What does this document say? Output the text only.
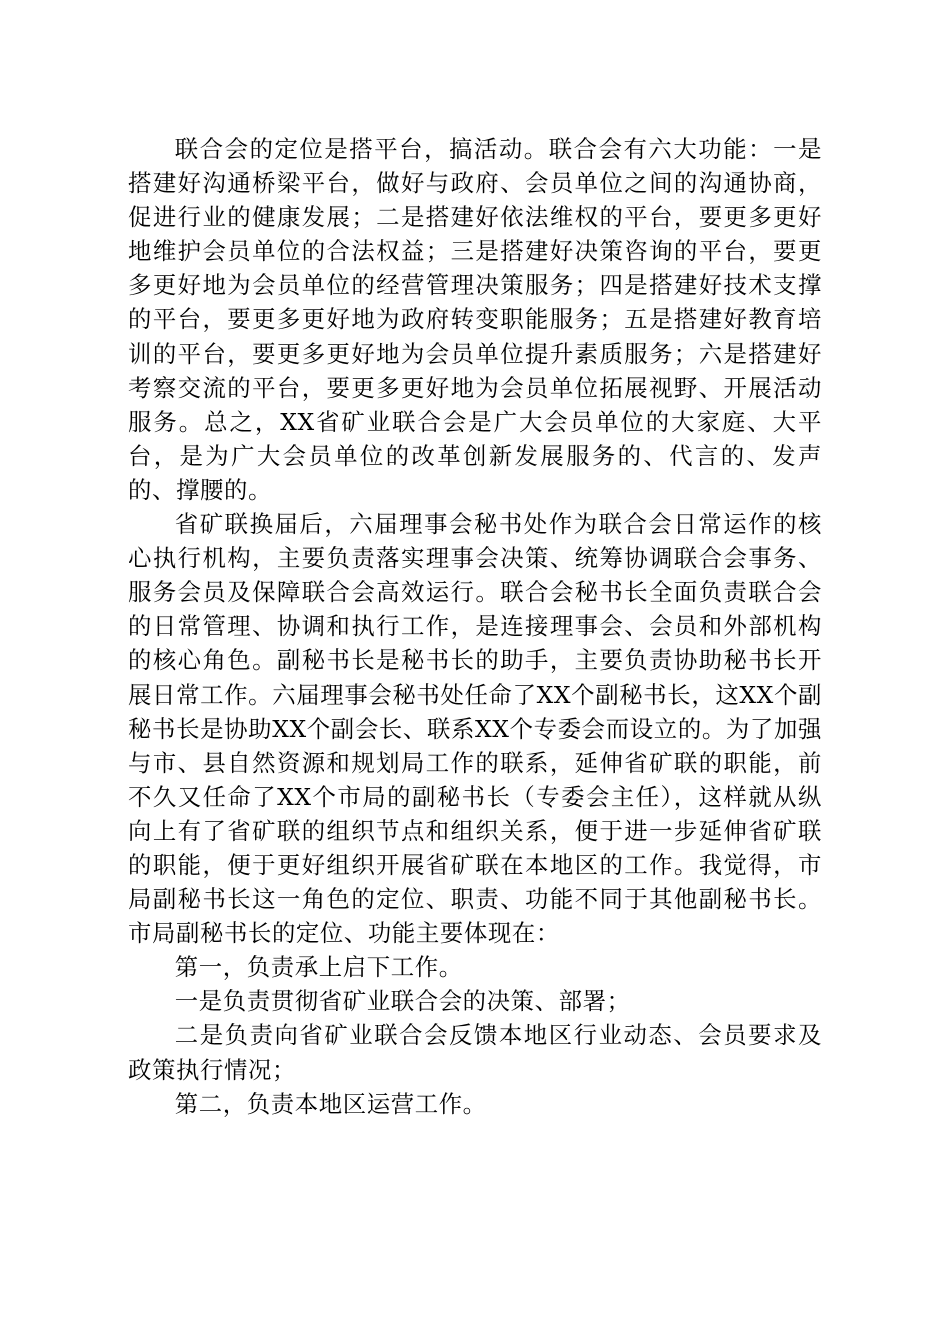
联合会的定位是搭平台，搞活动。联合会有六大功能：一是搭建好沟通桥梁平台，做好与政府、会员单位之间的沟通协商，促进行业的健康发展；二是搭建好依法维权的平台，要更多更好地维护会员单位的合法权益；三是搭建好决策咨询的平台，要更多更好地为会员单位的经营管理决策服务；四是搭建好技术支撑的平台，要更多更好地为政府转变职能服务；五是搭建好教育培训的平台，要更多更好地为会员单位提升素质服务；六是搭建好考察交流的平台，要更多更好地为会员单位拓展视野、开展活动服务。总之，XX省矿业联合会是广大会员单位的大家庭、大平台，是为广大会员单位的改革创新发展服务的、代言的、发声的、撑腰的。

省矿联换届后，六届理事会秘书处作为联合会日常运作的核心执行机构，主要负责落实理事会决策、统筹协调联合会事务、服务会员及保障联合会高效运行。联合会秘书长全面负责联合会的日常管理、协调和执行工作，是连接理事会、会员和外部机构的核心角色。副秘书长是秘书长的助手，主要负责协助秘书长开展日常工作。六届理事会秘书处任命了XX个副秘书长，这XX个副秘书长是协助XX个副会长、联系XX个专委会而设立的。为了加强与市、县自然资源和规划局工作的联系，延伸省矿联的职能，前不久又任命了XX个市局的副秘书长（专委会主任），这样就从纵向上有了省矿联的组织节点和组织关系，便于进一步延伸省矿联的职能，便于更好组织开展省矿联在本地区的工作。我觉得，市局副秘书长这一角色的定位、职责、功能不同于其他副秘书长。市局副秘书长的定位、功能主要体现在：

第一，负责承上启下工作。

一是负责贯彻省矿业联合会的决策、部署；

二是负责向省矿业联合会反馈本地区行业动态、会员要求及政策执行情况；

第二，负责本地区运营工作。
